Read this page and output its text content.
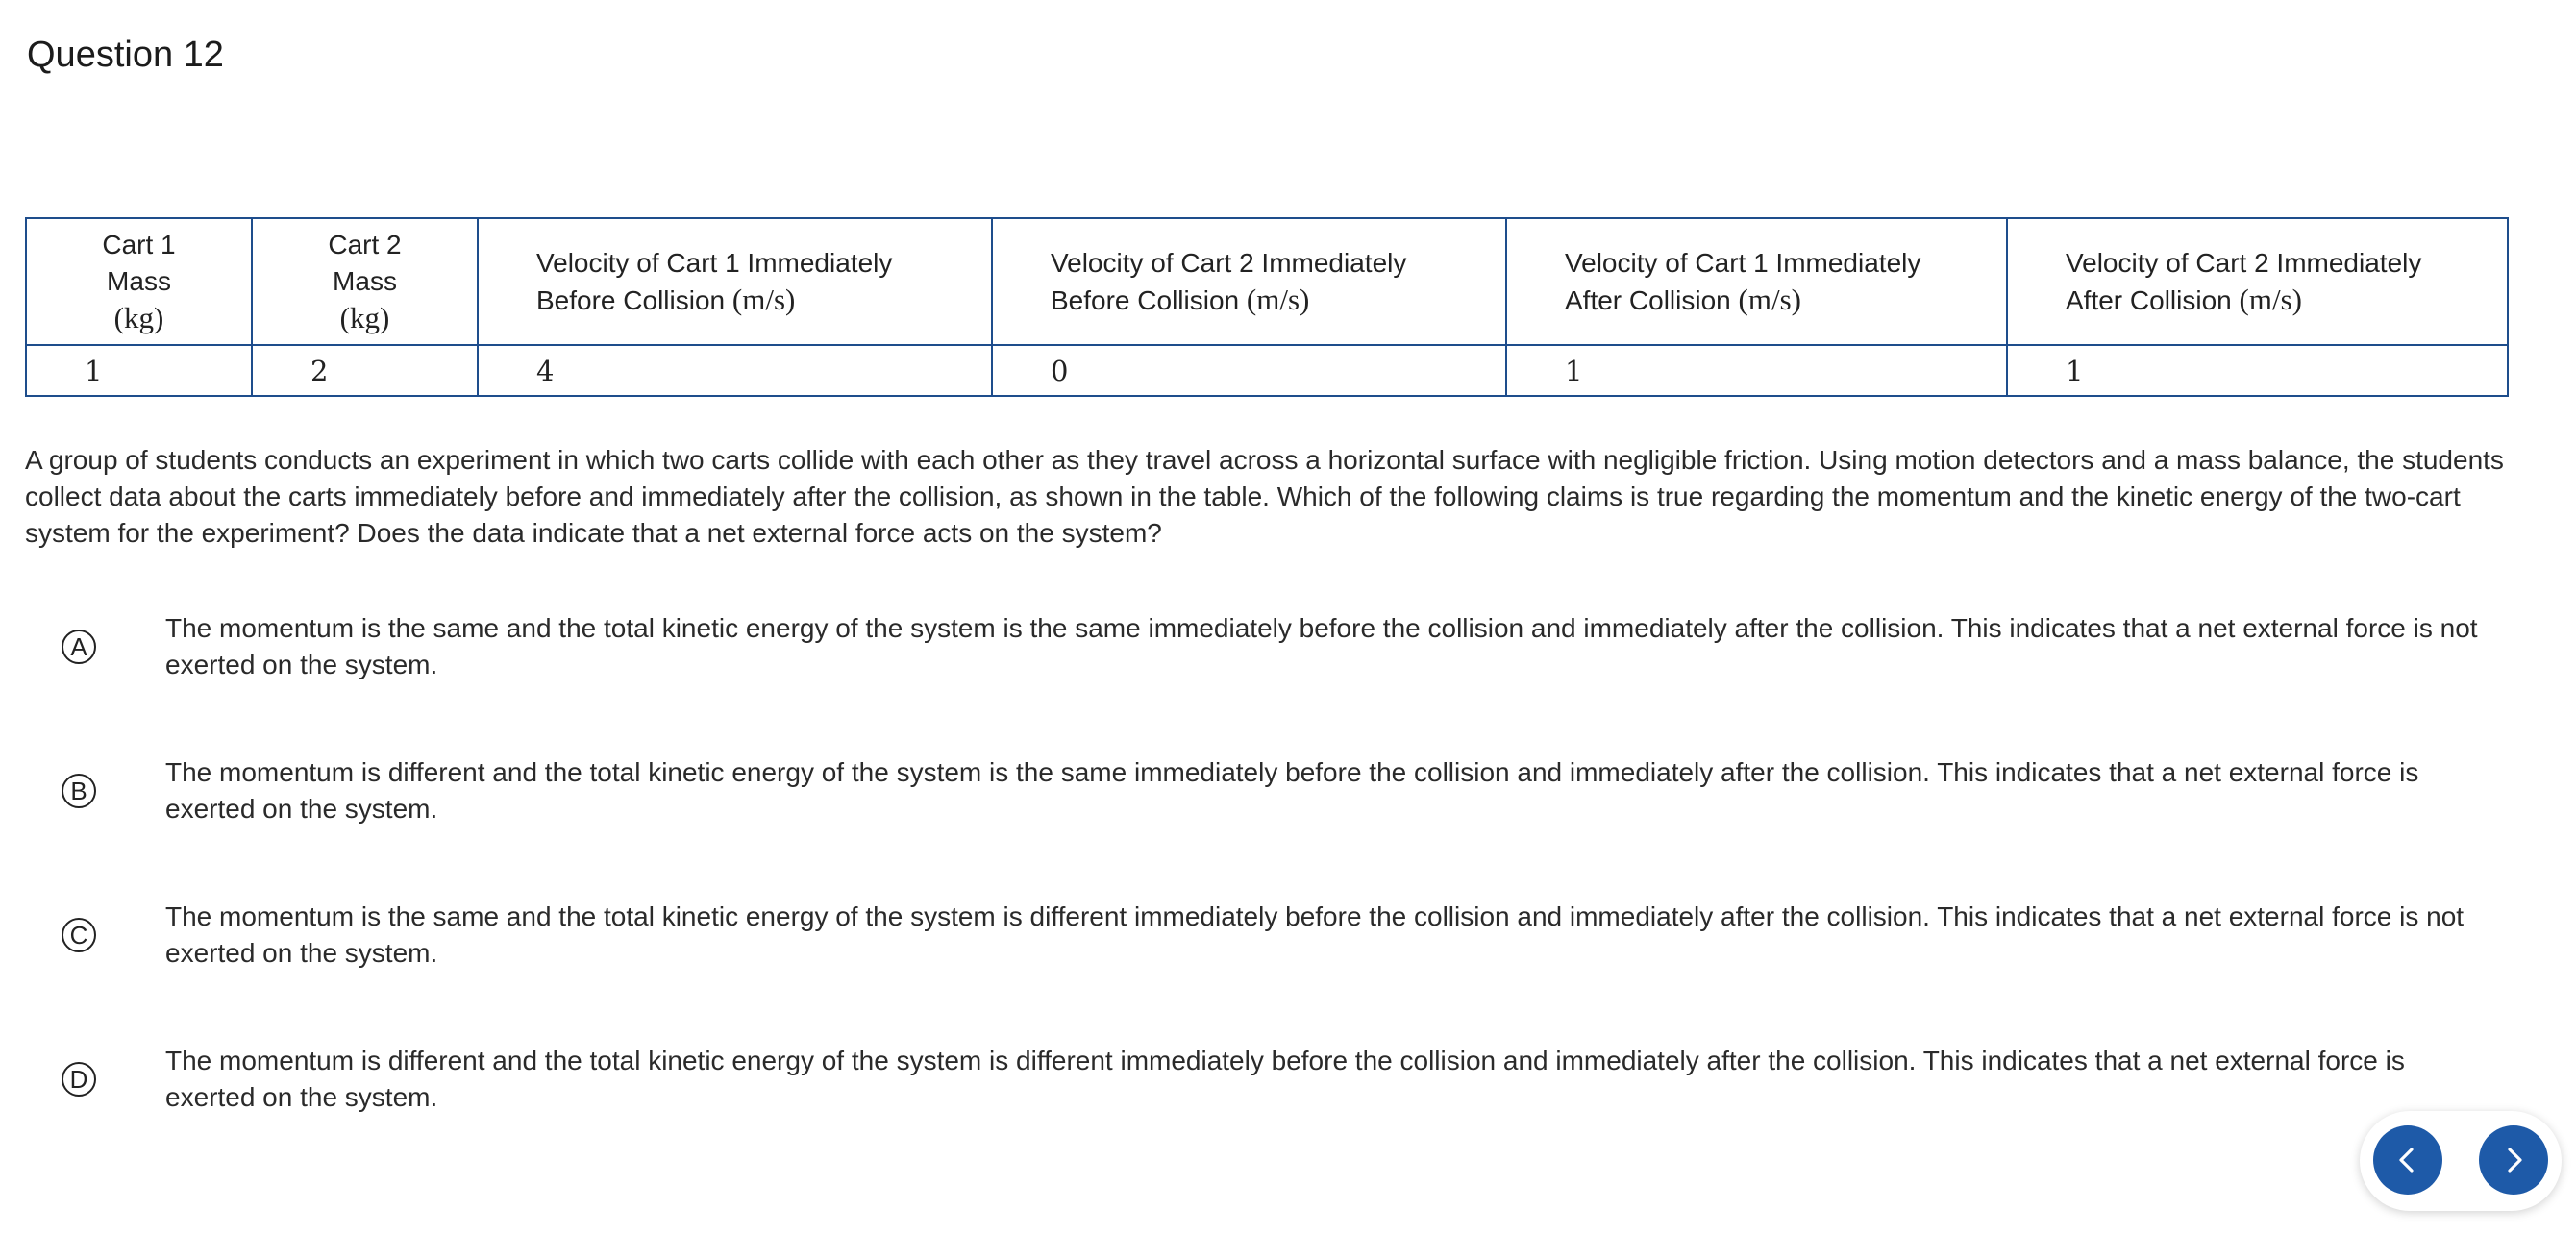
Question 12
Cart 1
Mass
(kg)	Cart 2
Mass
(kg)	Velocity of Cart 1 Immediately
Before Collision (m/s)	Velocity of Cart 2 Immediately
Before Collision (m/s)	Velocity of Cart 1 Immediately
After Collision (m/s)	Velocity of Cart 2 Immediately
After Collision (m/s)
1	2	4	0	1	1
A group of students conducts an experiment in which two carts collide with each other as they travel across a horizontal surface with negligible friction. Using motion detectors and a mass balance, the students collect data about the carts immediately before and immediately after the collision, as shown in the table. Which of the following claims is true regarding the momentum and the kinetic energy of the two-cart system for the experiment? Does the data indicate that a net external force acts on the system?
A
The momentum is the same and the total kinetic energy of the system is the same immediately before the collision and immediately after the collision. This indicates that a net external force is not exerted on the system.
B
The momentum is different and the total kinetic energy of the system is the same immediately before the collision and immediately after the collision. This indicates that a net external force is exerted on the system.
C
The momentum is the same and the total kinetic energy of the system is different immediately before the collision and immediately after the collision. This indicates that a net external force is not exerted on the system.
D
The momentum is different and the total kinetic energy of the system is different immediately before the collision and immediately after the collision. This indicates that a net external force is exerted on the system.
